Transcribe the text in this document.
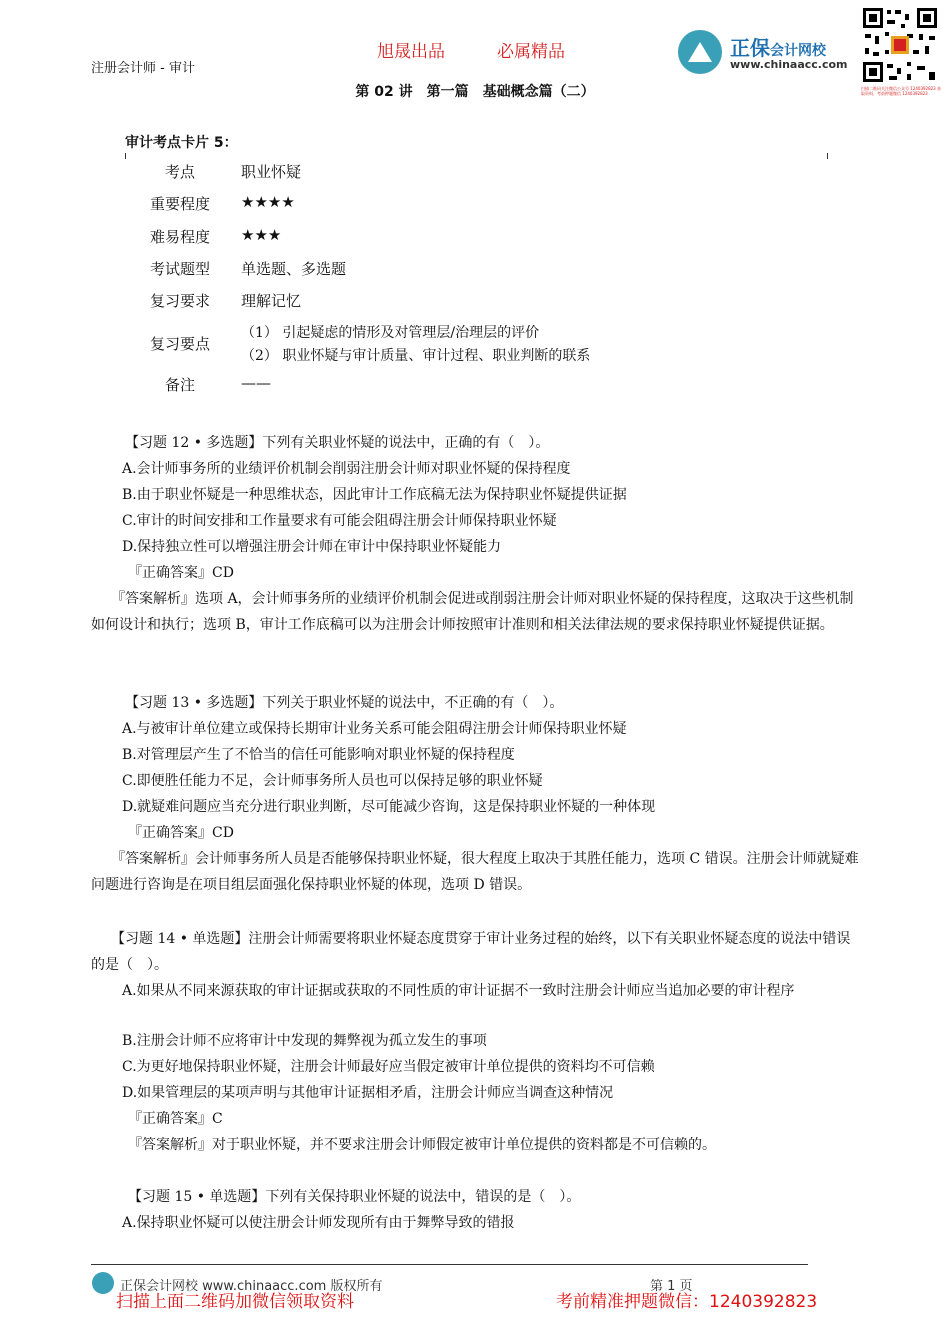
旭晟出品	必属精品
注册会计师 - 审计
第 02 讲　第一篇　基础概念篇（二）
正保会计网校
www.chinaacc.com
扫描二维码关注微信公众号 1240392823 获取资料，考前押题微信 1240392823
审计考点卡片 5：
考点	职业怀疑
重要程度	★★★★
难易程度	★★★
考试题型	单选题、多选题
复习要求	理解记忆
复习要点
（1） 引起疑虑的情形及对管理层/治理层的评价
（2） 职业怀疑与审计质量、审计过程、职业判断的联系
备注	——
【习题 12 • 多选题】下列有关职业怀疑的说法中，正确的有（　）。
A.会计师事务所的业绩评价机制会削弱注册会计师对职业怀疑的保持程度
B.由于职业怀疑是一种思维状态，因此审计工作底稿无法为保持职业怀疑提供证据
C.审计的时间安排和工作量要求有可能会阻碍注册会计师保持职业怀疑
D.保持独立性可以增强注册会计师在审计中保持职业怀疑能力
『正确答案』CD
『答案解析』选项 A，会计师事务所的业绩评价机制会促进或削弱注册会计师对职业怀疑的保持程度，这取决于这些机制如何设计和执行；选项 B，审计工作底稿可以为注册会计师按照审计准则和相关法律法规的要求保持职业怀疑提供证据。
【习题 13 • 多选题】下列关于职业怀疑的说法中，不正确的有（　）。
A.与被审计单位建立或保持长期审计业务关系可能会阻碍注册会计师保持职业怀疑
B.对管理层产生了不恰当的信任可能影响对职业怀疑的保持程度
C.即便胜任能力不足，会计师事务所人员也可以保持足够的职业怀疑
D.就疑难问题应当充分进行职业判断，尽可能减少咨询，这是保持职业怀疑的一种体现
『正确答案』CD
『答案解析』会计师事务所人员是否能够保持职业怀疑，很大程度上取决于其胜任能力，选项 C 错误。注册会计师就疑难问题进行咨询是在项目组层面强化保持职业怀疑的体现，选项 D 错误。
【习题 14 • 单选题】注册会计师需要将职业怀疑态度贯穿于审计业务过程的始终，以下有关职业怀疑态度的说法中错误的是（　）。
A.如果从不同来源获取的审计证据或获取的不同性质的审计证据不一致时注册会计师应当追加必要的审计程序
B.注册会计师不应将审计中发现的舞弊视为孤立发生的事项
C.为更好地保持职业怀疑，注册会计师最好应当假定被审计单位提供的资料均不可信赖
D.如果管理层的某项声明与其他审计证据相矛盾，注册会计师应当调查这种情况
『正确答案』C
『答案解析』对于职业怀疑，并不要求注册会计师假定被审计单位提供的资料都是不可信赖的。
【习题 15 • 单选题】下列有关保持职业怀疑的说法中，错误的是（　）。
A.保持职业怀疑可以使注册会计师发现所有由于舞弊导致的错报
正保会计网校 www.chinaacc.com 版权所有	第 1 页
扫描上面二维码加微信领取资料	考前精准押题微信：1240392823
